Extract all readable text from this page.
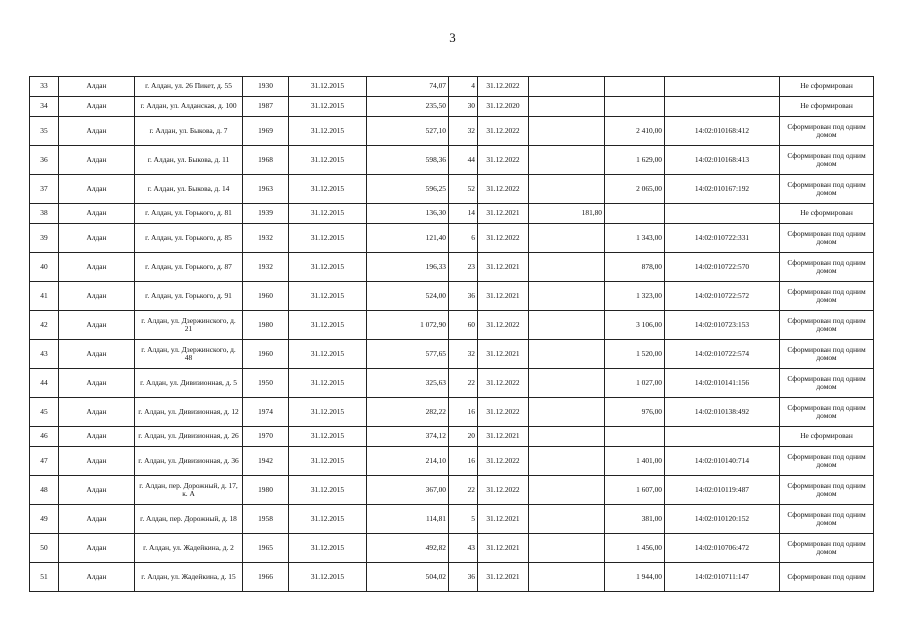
3
33	Алдан	г. Алдан, ул. 26 Пикет, д. 55	1930	31.12.2015	74,07	4	31.12.2022				Не сформирован
34	Алдан	г. Алдан, ул. Алданская, д. 100	1987	31.12.2015	235,50	30	31.12.2020				Не сформирован
35	Алдан	г. Алдан, ул. Быкова, д. 7	1969	31.12.2015	527,10	32	31.12.2022		2 410,00	14:02:010168:412	Сформирован под одним домом
36	Алдан	г. Алдан, ул. Быкова, д. 11	1968	31.12.2015	598,36	44	31.12.2022		1 629,00	14:02:010168:413	Сформирован под одним домом
37	Алдан	г. Алдан, ул. Быкова, д. 14	1963	31.12.2015	596,25	52	31.12.2022		2 065,00	14:02:010167:192	Сформирован под одним домом
38	Алдан	г. Алдан, ул. Горького, д. 81	1939	31.12.2015	136,30	14	31.12.2021	181,80			Не сформирован
39	Алдан	г. Алдан, ул. Горького, д. 85	1932	31.12.2015	121,40	6	31.12.2022		1 343,00	14:02:010722:331	Сформирован под одним домом
40	Алдан	г. Алдан, ул. Горького, д. 87	1932	31.12.2015	196,33	23	31.12.2021		878,00	14:02:010722:570	Сформирован под одним домом
41	Алдан	г. Алдан, ул. Горького, д. 91	1960	31.12.2015	524,00	36	31.12.2021		1 323,00	14:02:010722:572	Сформирован под одним домом
42	Алдан	г. Алдан, ул. Дзержинского, д. 21	1980	31.12.2015	1 072,90	60	31.12.2022		3 106,00	14:02:010723:153	Сформирован под одним домом
43	Алдан	г. Алдан, ул. Дзержинского, д. 48	1960	31.12.2015	577,65	32	31.12.2021		1 520,00	14:02:010722:574	Сформирован под одним домом
44	Алдан	г. Алдан, ул. Дивизионная, д. 5	1950	31.12.2015	325,63	22	31.12.2022		1 027,00	14:02:010141:156	Сформирован под одним домом
45	Алдан	г. Алдан, ул. Дивизионная, д. 12	1974	31.12.2015	282,22	16	31.12.2022		976,00	14:02:010138:492	Сформирован под одним домом
46	Алдан	г. Алдан, ул. Дивизионная, д. 26	1970	31.12.2015	374,12	20	31.12.2021				Не сформирован
47	Алдан	г. Алдан, ул. Дивизионная, д. 36	1942	31.12.2015	214,10	16	31.12.2022		1 401,00	14:02:010140:714	Сформирован под одним домом
48	Алдан	г. Алдан, пер. Дорожный, д. 17, к. А	1980	31.12.2015	367,00	22	31.12.2022		1 607,00	14:02:010119:487	Сформирован под одним домом
49	Алдан	г. Алдан, пер. Дорожный, д. 18	1958	31.12.2015	114,81	5	31.12.2021		381,00	14:02:010120:152	Сформирован под одним домом
50	Алдан	г. Алдан, ул. Жадейкина, д. 2	1965	31.12.2015	492,82	43	31.12.2021		1 456,00	14:02:010706:472	Сформирован под одним домом
51	Алдан	г. Алдан, ул. Жадейкина, д. 15	1966	31.12.2015	504,02	36	31.12.2021		1 944,00	14:02:010711:147	Сформирован под одним
